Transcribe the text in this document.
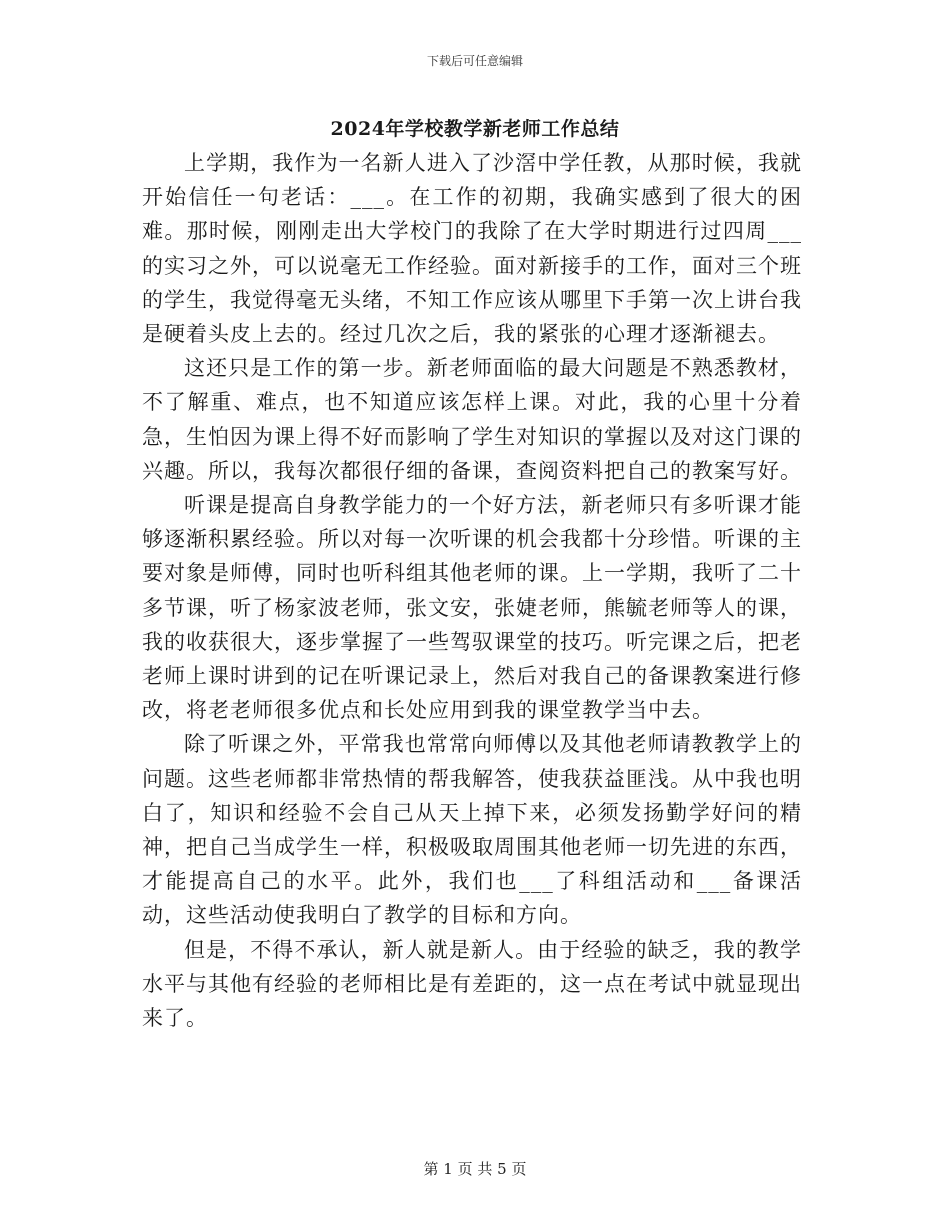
下载后可任意编辑
2024年学校教学新老师工作总结

上学期，我作为一名新人进入了沙滘中学任教，从那时候，我就开始信任一句老话：___。在工作的初期，我确实感到了很大的困难。那时候，刚刚走出大学校门的我除了在大学时期进行过四周___的实习之外，可以说毫无工作经验。面对新接手的工作，面对三个班的学生，我觉得毫无头绪，不知工作应该从哪里下手第一次上讲台我是硬着头皮上去的。经过几次之后，我的紧张的心理才逐渐褪去。

这还只是工作的第一步。新老师面临的最大问题是不熟悉教材，不了解重、难点，也不知道应该怎样上课。对此，我的心里十分着急，生怕因为课上得不好而影响了学生对知识的掌握以及对这门课的兴趣。所以，我每次都很仔细的备课，查阅资料把自己的教案写好。

听课是提高自身教学能力的一个好方法，新老师只有多听课才能够逐渐积累经验。所以对每一次听课的机会我都十分珍惜。听课的主要对象是师傅，同时也听科组其他老师的课。上一学期，我听了二十多节课，听了杨家波老师，张文安，张婕老师，熊毓老师等人的课，我的收获很大，逐步掌握了一些驾驭课堂的技巧。听完课之后，把老老师上课时讲到的记在听课记录上，然后对我自己的备课教案进行修改，将老老师很多优点和长处应用到我的课堂教学当中去。

除了听课之外，平常我也常常向师傅以及其他老师请教教学上的问题。这些老师都非常热情的帮我解答，使我获益匪浅。从中我也明白了，知识和经验不会自己从天上掉下来，必须发扬勤学好问的精神，把自己当成学生一样，积极吸取周围其他老师一切先进的东西，才能提高自己的水平。此外，我们也___了科组活动和___备课活动，这些活动使我明白了教学的目标和方向。

但是，不得不承认，新人就是新人。由于经验的缺乏，我的教学水平与其他有经验的老师相比是有差距的，这一点在考试中就显现出来了。

第 1 页 共 5 页
